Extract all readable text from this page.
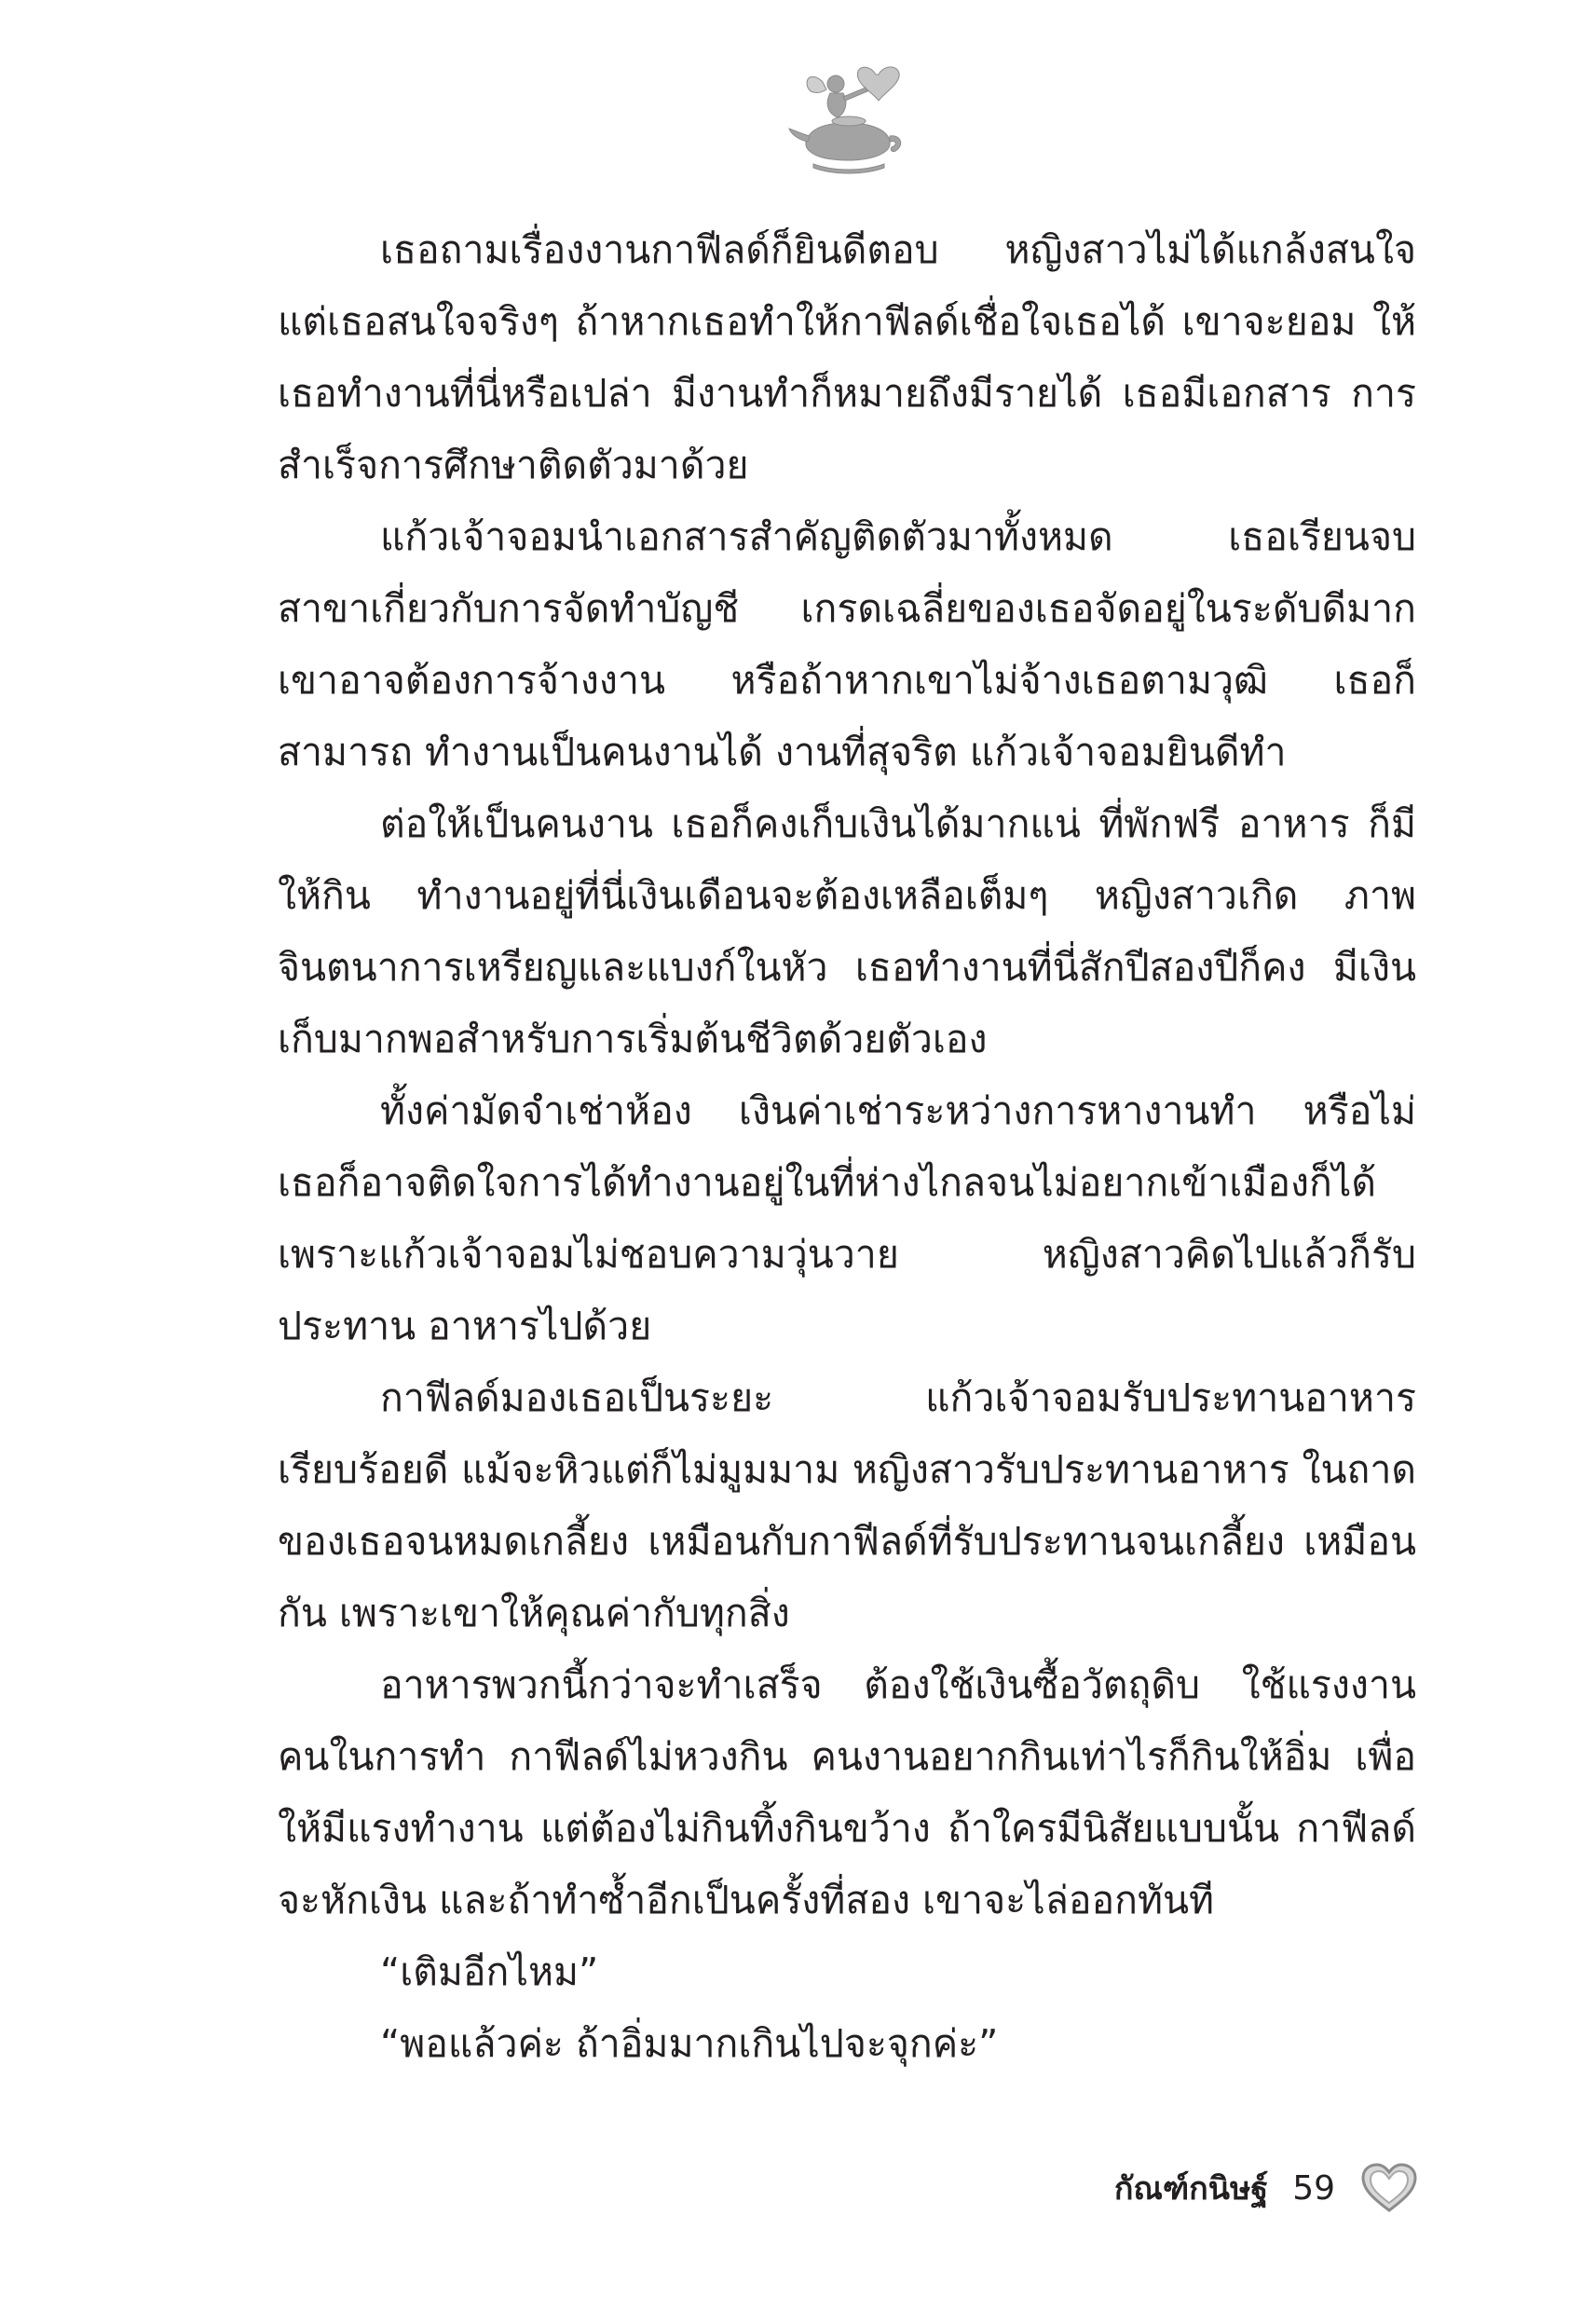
เธอถามเรื่องงานกาฟีลด์ก็ยินดีตอบ หญิงสาวไม่ได้แกล้งสนใจ แต่เธอสนใจจริงๆ ถ้าหากเธอทำให้กาฟีลด์เชื่อใจเธอได้ เขาจะยอม ให้เธอทำงานที่นี่หรือเปล่า มีงานทำก็หมายถึงมีรายได้ เธอมีเอกสาร การสำเร็จการศึกษาติดตัวมาด้วย

แก้วเจ้าจอมนำเอกสารสำคัญติดตัวมาทั้งหมด เธอเรียนจบ สาขาเกี่ยวกับการจัดทำบัญชี เกรดเฉลี่ยของเธอจัดอยู่ในระดับดีมาก เขาอาจต้องการจ้างงาน หรือถ้าหากเขาไม่จ้างเธอตามวุฒิ เธอก็สามารถ ทำงานเป็นคนงานได้ งานที่สุจริต แก้วเจ้าจอมยินดีทำ

ต่อให้เป็นคนงาน เธอก็คงเก็บเงินได้มากแน่ ที่พักฟรี อาหาร ก็มีให้กิน ทำงานอยู่ที่นี่เงินเดือนจะต้องเหลือเต็มๆ หญิงสาวเกิด ภาพจินตนาการเหรียญและแบงก์ในหัว เธอทำงานที่นี่สักปีสองปีก็คง มีเงินเก็บมากพอสำหรับการเริ่มต้นชีวิตด้วยตัวเอง

ทั้งค่ามัดจำเช่าห้อง เงินค่าเช่าระหว่างการหางานทำ หรือไม่ เธอก็อาจติดใจการได้ทำงานอยู่ในที่ห่างไกลจนไม่อยากเข้าเมืองก็ได้ เพราะแก้วเจ้าจอมไม่ชอบความวุ่นวาย หญิงสาวคิดไปแล้วก็รับประทาน อาหารไปด้วย

กาฟีลด์มองเธอเป็นระยะ แก้วเจ้าจอมรับประทานอาหาร เรียบร้อยดี แม้จะหิวแต่ก็ไม่มูมมาม หญิงสาวรับประทานอาหาร ในถาดของเธอจนหมดเกลี้ยง เหมือนกับกาฟีลด์ที่รับประทานจนเกลี้ยง เหมือนกัน เพราะเขาให้คุณค่ากับทุกสิ่ง

อาหารพวกนี้กว่าจะทำเสร็จ ต้องใช้เงินซื้อวัตถุดิบ ใช้แรงงาน คนในการทำ กาฟีลด์ไม่หวงกิน คนงานอยากกินเท่าไรก็กินให้อิ่ม เพื่อให้มีแรงทำงาน แต่ต้องไม่กินทิ้งกินขว้าง ถ้าใครมีนิสัยแบบนั้น กาฟีลด์จะหักเงิน และถ้าทำซ้ำอีกเป็นครั้งที่สอง เขาจะไล่ออกทันที

“เติมอีกไหม”

“พอแล้วค่ะ ถ้าอิ่มมากเกินไปจะจุกค่ะ”

กัณฑ์กนิษฐ์ 59
